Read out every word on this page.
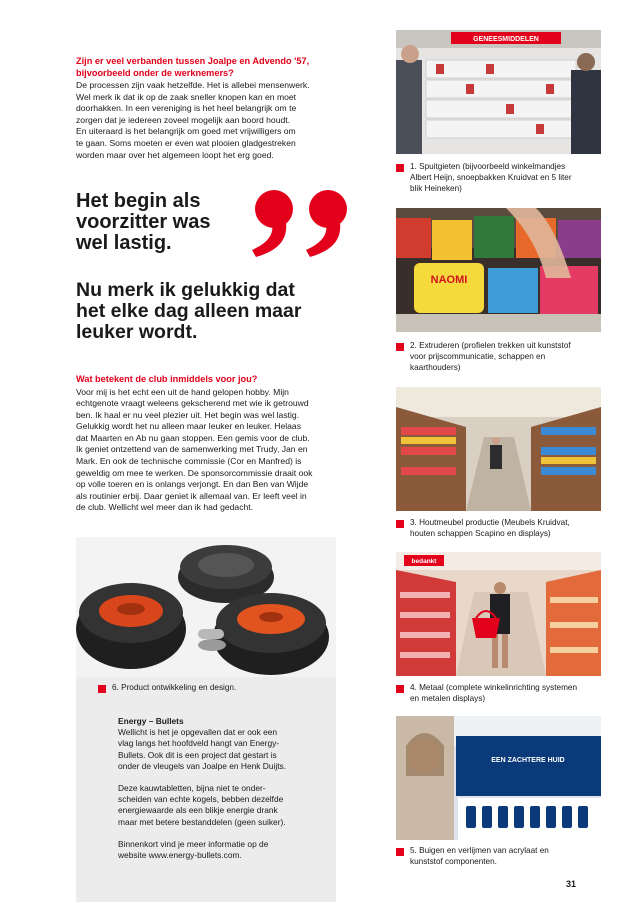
Zijn er veel verbanden tussen Joalpe en Advendo '57, bijvoorbeeld onder de werknemers?

De processen zijn vaak hetzelfde. Het is allebei mensenwerk.

Wel merk ik dat ik op de zaak sneller knopen kan en moet

doorhakken. In een vereniging is het heel belangrijk om te

zorgen dat je iedereen zoveel mogelijk aan boord houdt.

En uiteraard is het belangrijk om goed met vrijwilligers om

te gaan. Soms moeten er even wat plooien gladgestreken

worden maar over het algemeen loopt het erg goed.

Het begin als
voorzitter was
wel lastig.
Nu merk ik gelukkig dat
het elke dag alleen maar
leuker wordt.
Wat betekent de club inmiddels voor jou?

Voor mij is het echt een uit de hand gelopen hobby. Mijn

echtgenote vraagt weleens gekscherend met wie ik getrouwd

ben. Ik haal er nu veel plezier uit. Het begin was wel lastig.

Gelukkig wordt het nu alleen maar leuker en leuker. Helaas

dat Maarten en Ab nu gaan stoppen. Een gemis voor de club.

Ik geniet ontzettend van de samenwerking met Trudy, Jan en

Mark. En ook de technische commissie (Cor en Manfred) is

geweldig om mee te werken. De sponsorcommissie draait ook

op volle toeren en is onlangs verjongt. En dan Ben van Wijde

als routinier erbij. Daar geniet ik allemaal van. Er leeft veel in

de club. Wellicht wel meer dan ik had gedacht.

6. Product ontwikkeling en design.

Energy – Bullets

Wellicht is het je opgevallen dat er ook een

vlag langs het hoofdveld hangt van Energy-

Bullets. Ook dit is een project dat gestart is

onder de vleugels van Joalpe en Henk Duijts.

Deze kauwtabletten, bijna niet te onder-

scheiden van echte kogels, bebben dezelfde

energiewaarde als een blikje energie drank

maar met betere bestanddelen (geen suiker).

Binnenkort vind je meer informatie op de

website www.energy-bullets.com.

GENEESMIDDELEN
1. Spuitgieten (bijvoorbeeld winkelmandjes
Albert Heijn, snoepbakken Kruidvat en 5 liter
blik Heineken)
NAOMI
2. Extruderen (profielen trekken uit kunststof
voor prijscommunicatie, schappen en
kaarthouders)
3. Houtmeubel productie (Meubels Kruidvat,
houten schappen Scapino en displays)
bedankt
4. Metaal (complete winkelinrichting systemen
en metalen displays)
EEN ZACHTERE HUID
5. Buigen en verlijmen van acrylaat en
kunststof componenten.
31
